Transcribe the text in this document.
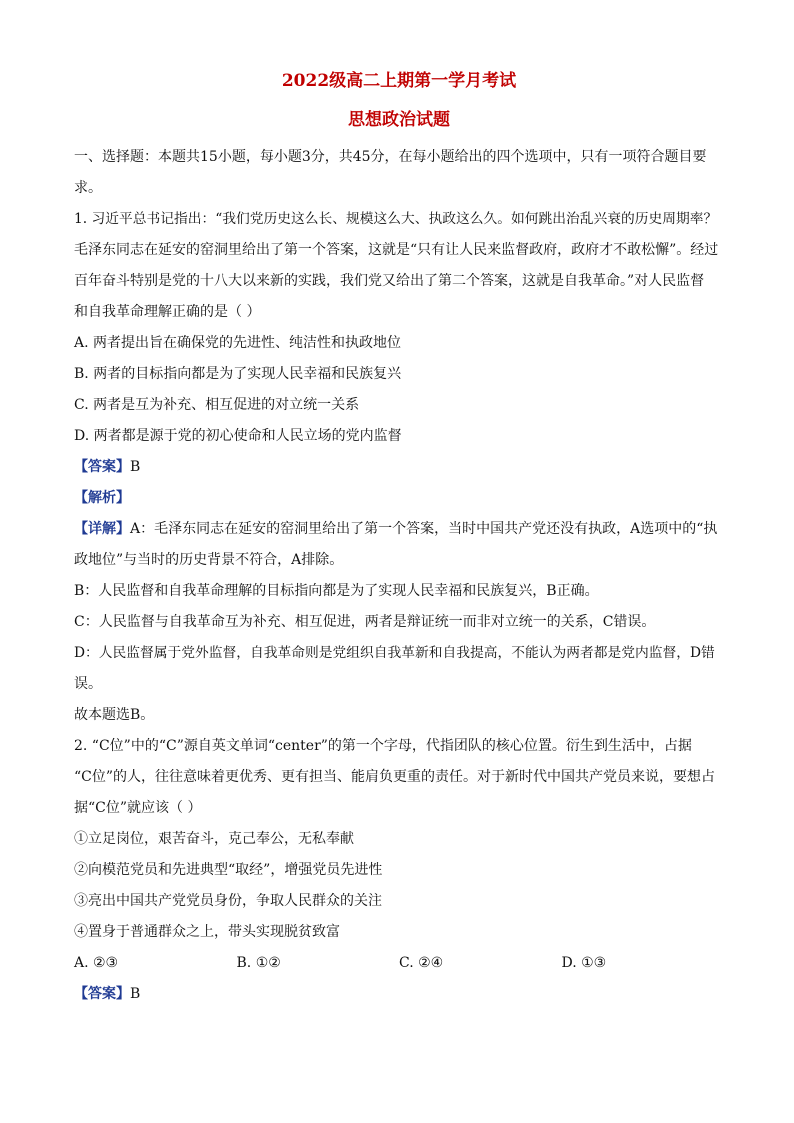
2022级高二上期第一学月考试

思想政治试题

一、选择题：本题共15小题，每小题3分，共45分，在每小题给出的四个选项中，只有一项符合题目要

求。

1. 习近平总书记指出：“我们党历史这么长、规模这么大、执政这么久。如何跳出治乱兴衰的历史周期率？

毛泽东同志在延安的窑洞里给出了第一个答案，这就是“只有让人民来监督政府，政府才不敢松懈”。经过

百年奋斗特别是党的十八大以来新的实践，我们党又给出了第二个答案，这就是自我革命。”对人民监督

和自我革命理解正确的是（ ）

A. 两者提出旨在确保党的先进性、纯洁性和执政地位

B. 两者的目标指向都是为了实现人民幸福和民族复兴

C. 两者是互为补充、相互促进的对立统一关系

D. 两者都是源于党的初心使命和人民立场的党内监督

【答案】B

【解析】

【详解】A：毛泽东同志在延安的窑洞里给出了第一个答案，当时中国共产党还没有执政，A选项中的“执

政地位”与当时的历史背景不符合，A排除。

B：人民监督和自我革命理解的目标指向都是为了实现人民幸福和民族复兴，B正确。

C：人民监督与自我革命互为补充、相互促进，两者是辩证统一而非对立统一的关系，C错误。

D：人民监督属于党外监督，自我革命则是党组织自我革新和自我提高，不能认为两者都是党内监督，D错

误。

故本题选B。

2. “C位”中的“C”源自英文单词“center”的第一个字母，代指团队的核心位置。衍生到生活中，占据

“C位”的人，往往意味着更优秀、更有担当、能肩负更重的责任。对于新时代中国共产党员来说，要想占

据“C位”就应该（ ）

①立足岗位，艰苦奋斗，克己奉公，无私奉献

②向模范党员和先进典型“取经”，增强党员先进性

③亮出中国共产党党员身份，争取人民群众的关注

④置身于普通群众之上，带头实现脱贫致富

A. ②③	B. ①②	C. ②④	D. ①③

【答案】B
